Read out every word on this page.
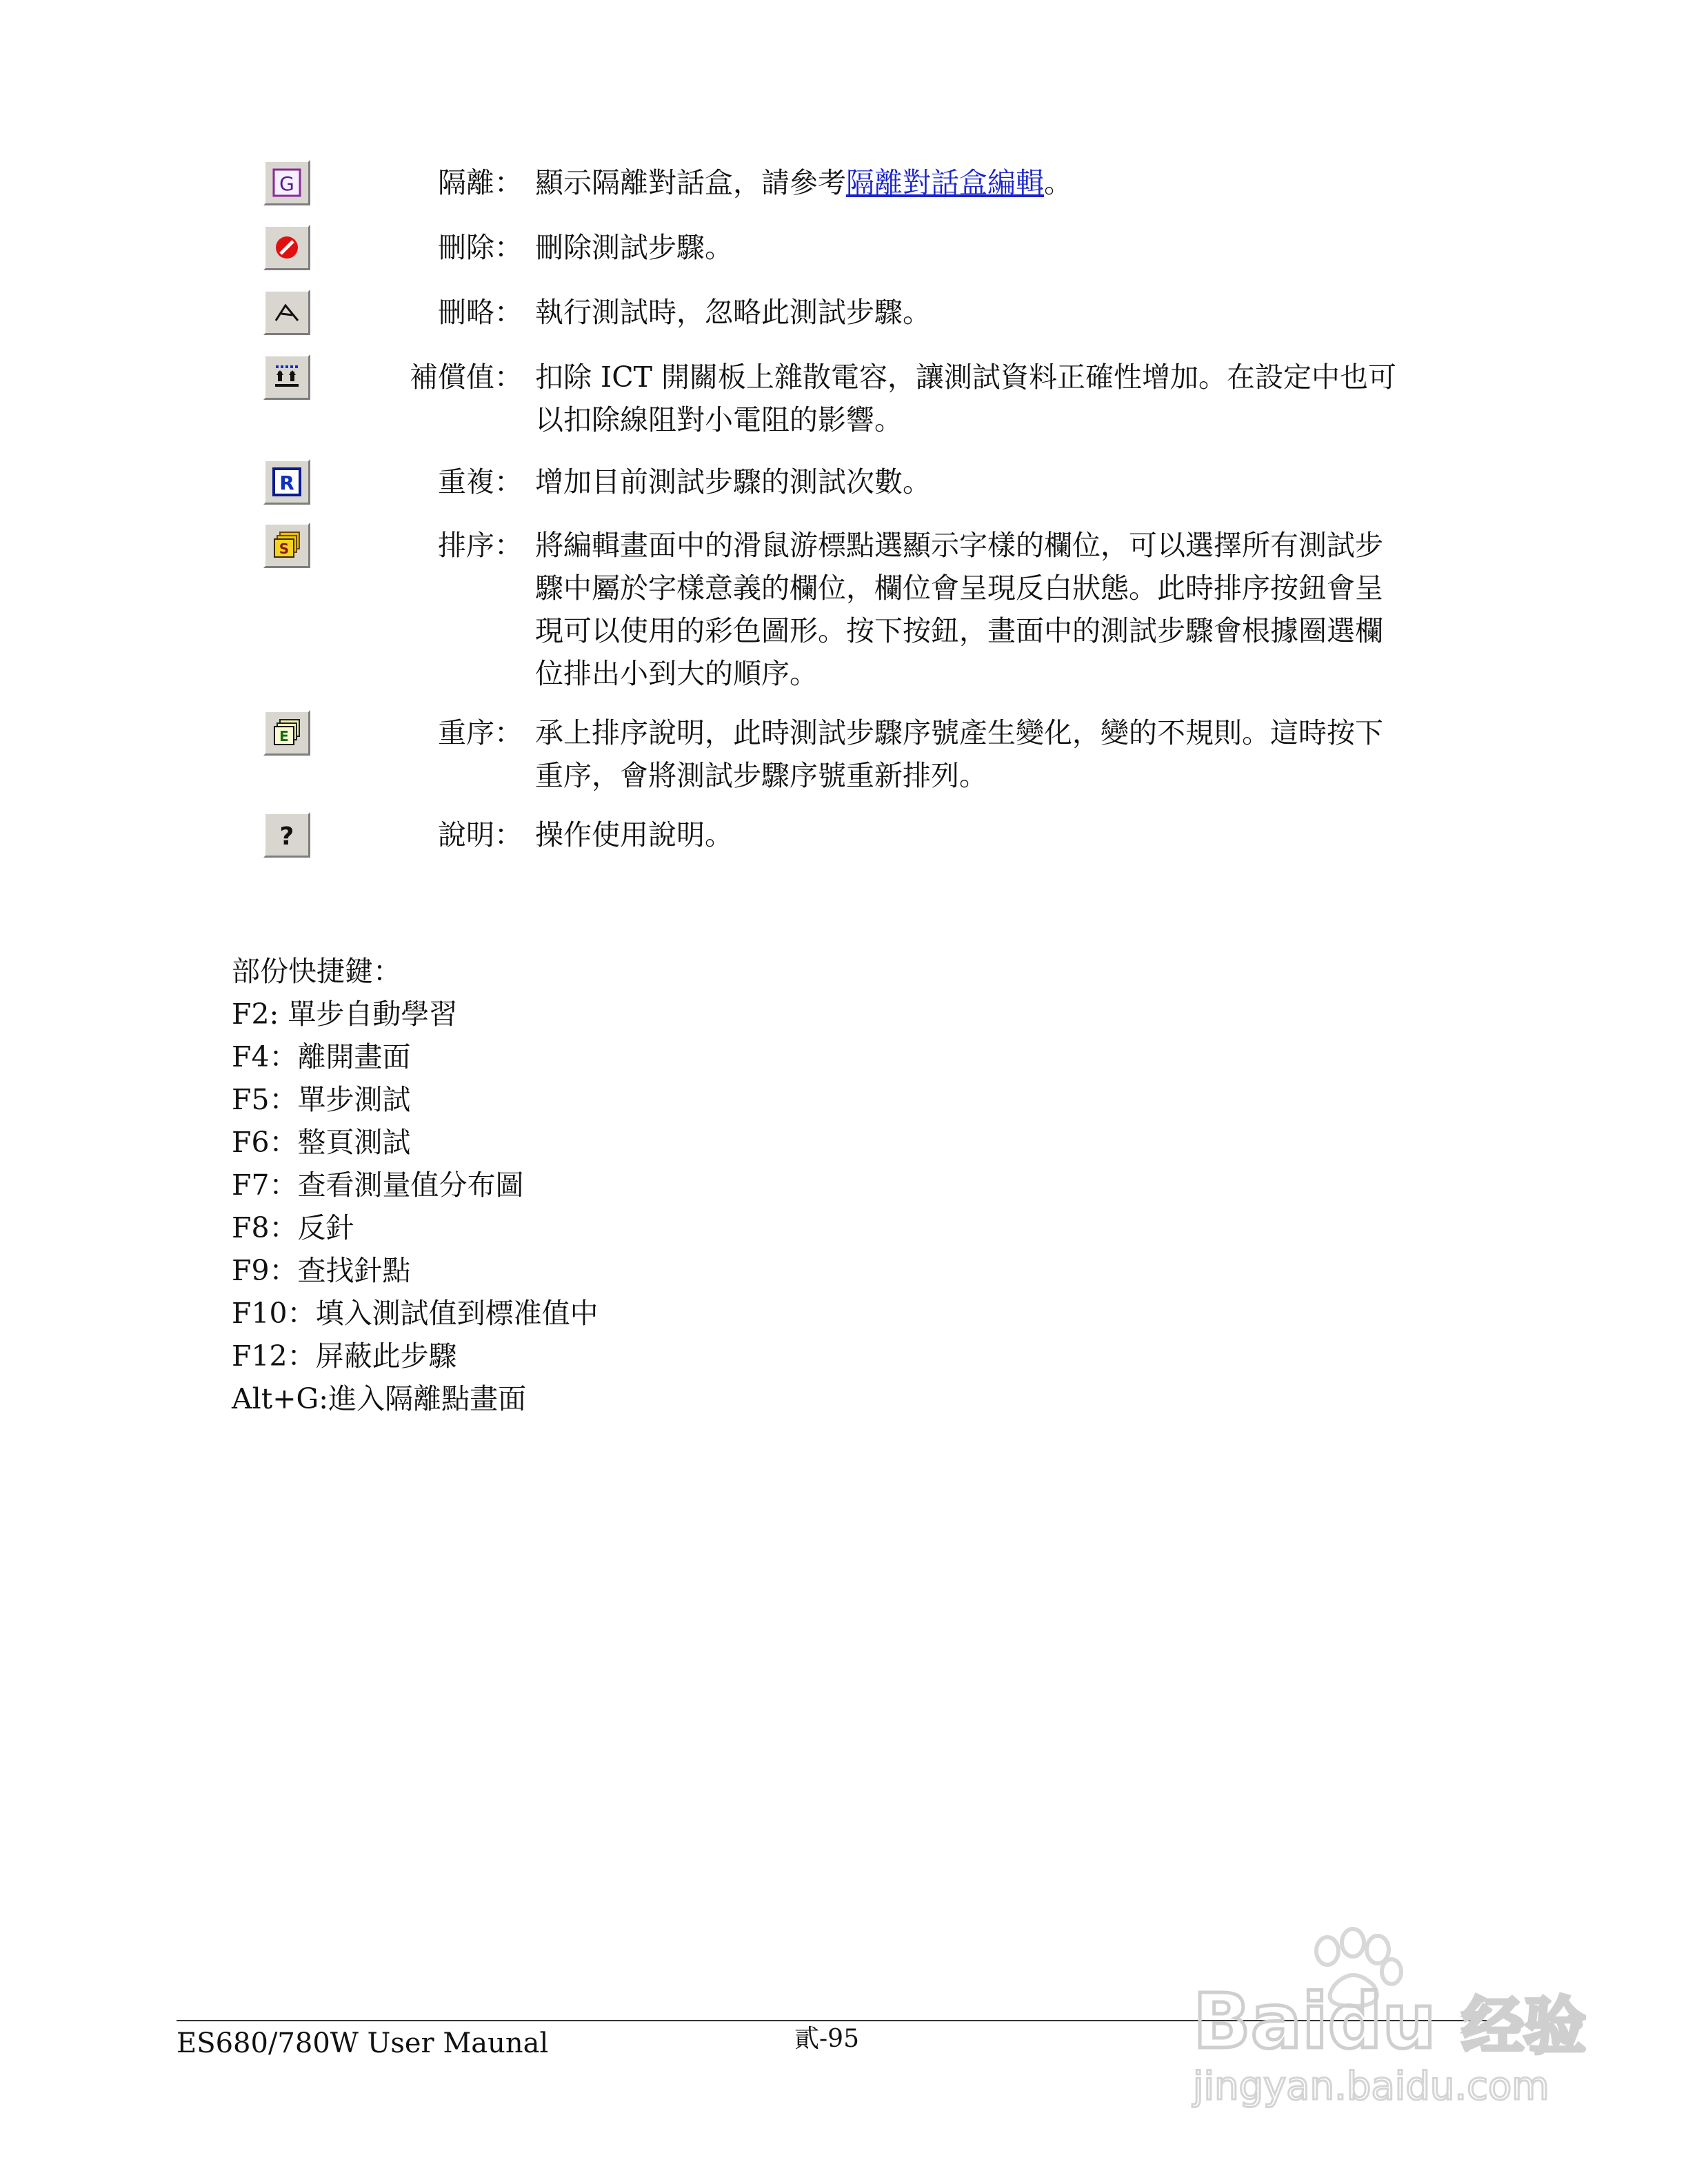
G	隔離： 顯示隔離對話盒，請參考隔離對話盒編輯。
刪除： 刪除測試步驟。
刪略： 執行測試時，忽略此測試步驟。
補償值： 扣除 ICT 開關板上雜散電容，讓測試資料正確性增加。在設定中也可以扣除線阻對小電阻的影響。
R	重複： 增加目前測試步驟的測試次數。
S	排序： 將編輯畫面中的滑鼠游標點選顯示字樣的欄位，可以選擇所有測試步驟中屬於字樣意義的欄位，欄位會呈現反白狀態。此時排序按鈕會呈現可以使用的彩色圖形。按下按鈕，畫面中的測試步驟會根據圈選欄位排出小到大的順序。
E	重序： 承上排序說明，此時測試步驟序號產生變化，變的不規則。這時按下重序，會將測試步驟序號重新排列。
?	說明： 操作使用說明。
部份快捷鍵：
F2: 單步自動學習
F4：離開畫面
F5：單步測試
F6：整頁測試
F7：查看測量值分布圖
F8：反針
F9：查找針點
F10：填入測試值到標准值中
F12：屏蔽此步驟
Alt+G:進入隔離點畫面
ES680/780W User Maunal	貳-95	Baidu 经验
jingyan.baidu.com
